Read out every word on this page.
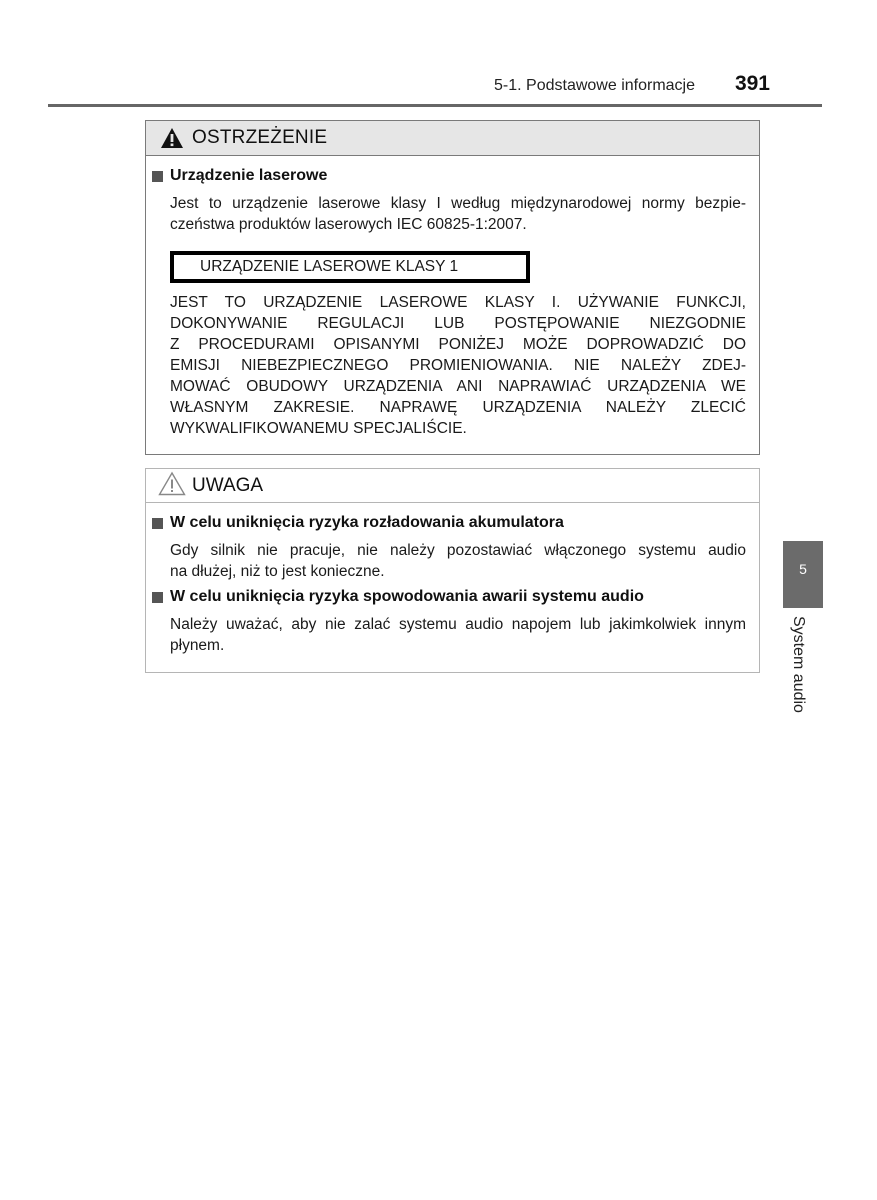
5-1. Podstawowe informacje 391
OSTRZEŻENIE
Urządzenie laserowe

Jest to urządzenie laserowe klasy I według międzynarodowej normy bezpie-
czeństwa produktów laserowych IEC 60825-1:2007.

URZĄDZENIE LASEROWE KLASY 1

JEST TO URZĄDZENIE LASEROWE KLASY I. UŻYWANIE FUNKCJI,
DOKONYWANIE REGULACJI LUB POSTĘPOWANIE NIEZGODNIE
Z PROCEDURAMI OPISANYMI PONIŻEJ MOŻE DOPROWADZIĆ DO
EMISJI NIEBEZPIECZNEGO PROMIENIOWANIA. NIE NALEŻY ZDEJ-
MOWAĆ OBUDOWY URZĄDZENIA ANI NAPRAWIAĆ URZĄDZENIA WE
WŁASNYM ZAKRESIE. NAPRAWĘ URZĄDZENIA NALEŻY ZLECIĆ
WYKWALIFIKOWANEMU SPECJALIŚCIE.

UWAGA
W celu uniknięcia ryzyka rozładowania akumulatora

Gdy silnik nie pracuje, nie należy pozostawiać włączonego systemu audio
na dłużej, niż to jest konieczne.

W celu uniknięcia ryzyka spowodowania awarii systemu audio

Należy uważać, aby nie zalać systemu audio napojem lub jakimkolwiek innym
płynem.

5
System audio
